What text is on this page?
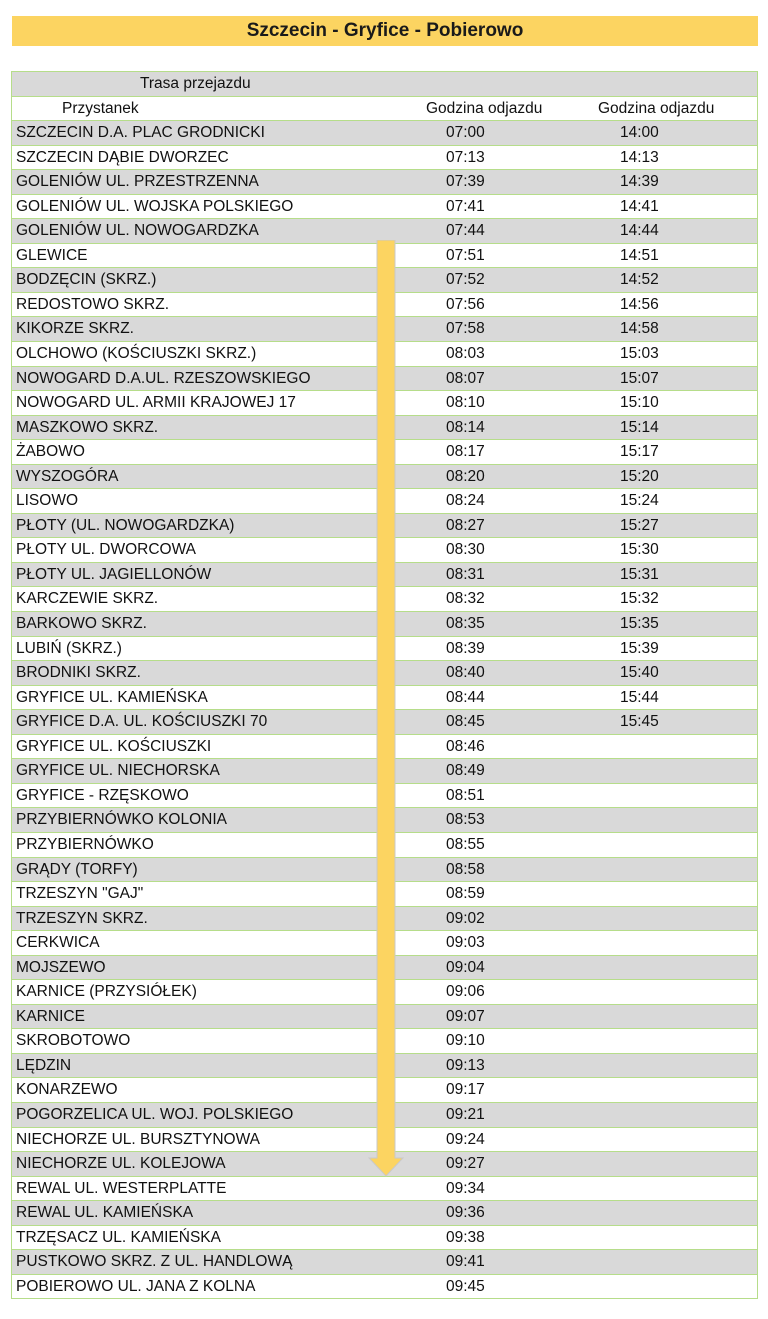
Szczecin - Gryfice - Pobierowo
Trasa przejazdu
Przystanek	Godzina odjazdu	Godzina odjazdu
SZCZECIN D.A. PLAC GRODNICKI	07:00	14:00
SZCZECIN DĄBIE DWORZEC	07:13	14:13
GOLENIÓW UL. PRZESTRZENNA	07:39	14:39
GOLENIÓW UL. WOJSKA POLSKIEGO	07:41	14:41
GOLENIÓW UL. NOWOGARDZKA	07:44	14:44
GLEWICE	07:51	14:51
BODZĘCIN (SKRZ.)	07:52	14:52
REDOSTOWO SKRZ.	07:56	14:56
KIKORZE SKRZ.	07:58	14:58
OLCHOWO (KOŚCIUSZKI SKRZ.)	08:03	15:03
NOWOGARD D.A.UL. RZESZOWSKIEGO	08:07	15:07
NOWOGARD UL. ARMII KRAJOWEJ 17	08:10	15:10
MASZKOWO SKRZ.	08:14	15:14
ŻABOWO	08:17	15:17
WYSZOGÓRA	08:20	15:20
LISOWO	08:24	15:24
PŁOTY (UL. NOWOGARDZKA)	08:27	15:27
PŁOTY UL. DWORCOWA	08:30	15:30
PŁOTY UL. JAGIELLONÓW	08:31	15:31
KARCZEWIE SKRZ.	08:32	15:32
BARKOWO SKRZ.	08:35	15:35
LUBIŃ (SKRZ.)	08:39	15:39
BRODNIKI SKRZ.	08:40	15:40
GRYFICE UL. KAMIEŃSKA	08:44	15:44
GRYFICE D.A. UL. KOŚCIUSZKI 70	08:45	15:45
GRYFICE UL. KOŚCIUSZKI	08:46
GRYFICE UL. NIECHORSKA	08:49
GRYFICE - RZĘSKOWO	08:51
PRZYBIERNÓWKO KOLONIA	08:53
PRZYBIERNÓWKO	08:55
GRĄDY (TORFY)	08:58
TRZESZYN "GAJ"	08:59
TRZESZYN SKRZ.	09:02
CERKWICA	09:03
MOJSZEWO	09:04
KARNICE (PRZYSIÓŁEK)	09:06
KARNICE	09:07
SKROBOTOWO	09:10
LĘDZIN	09:13
KONARZEWO	09:17
POGORZELICA UL. WOJ. POLSKIEGO	09:21
NIECHORZE UL. BURSZTYNOWA	09:24
NIECHORZE UL. KOLEJOWA	09:27
REWAL UL. WESTERPLATTE	09:34
REWAL UL. KAMIEŃSKA	09:36
TRZĘSACZ UL. KAMIEŃSKA	09:38
PUSTKOWO SKRZ. Z UL. HANDLOWĄ	09:41
POBIEROWO UL. JANA Z KOLNA	09:45
